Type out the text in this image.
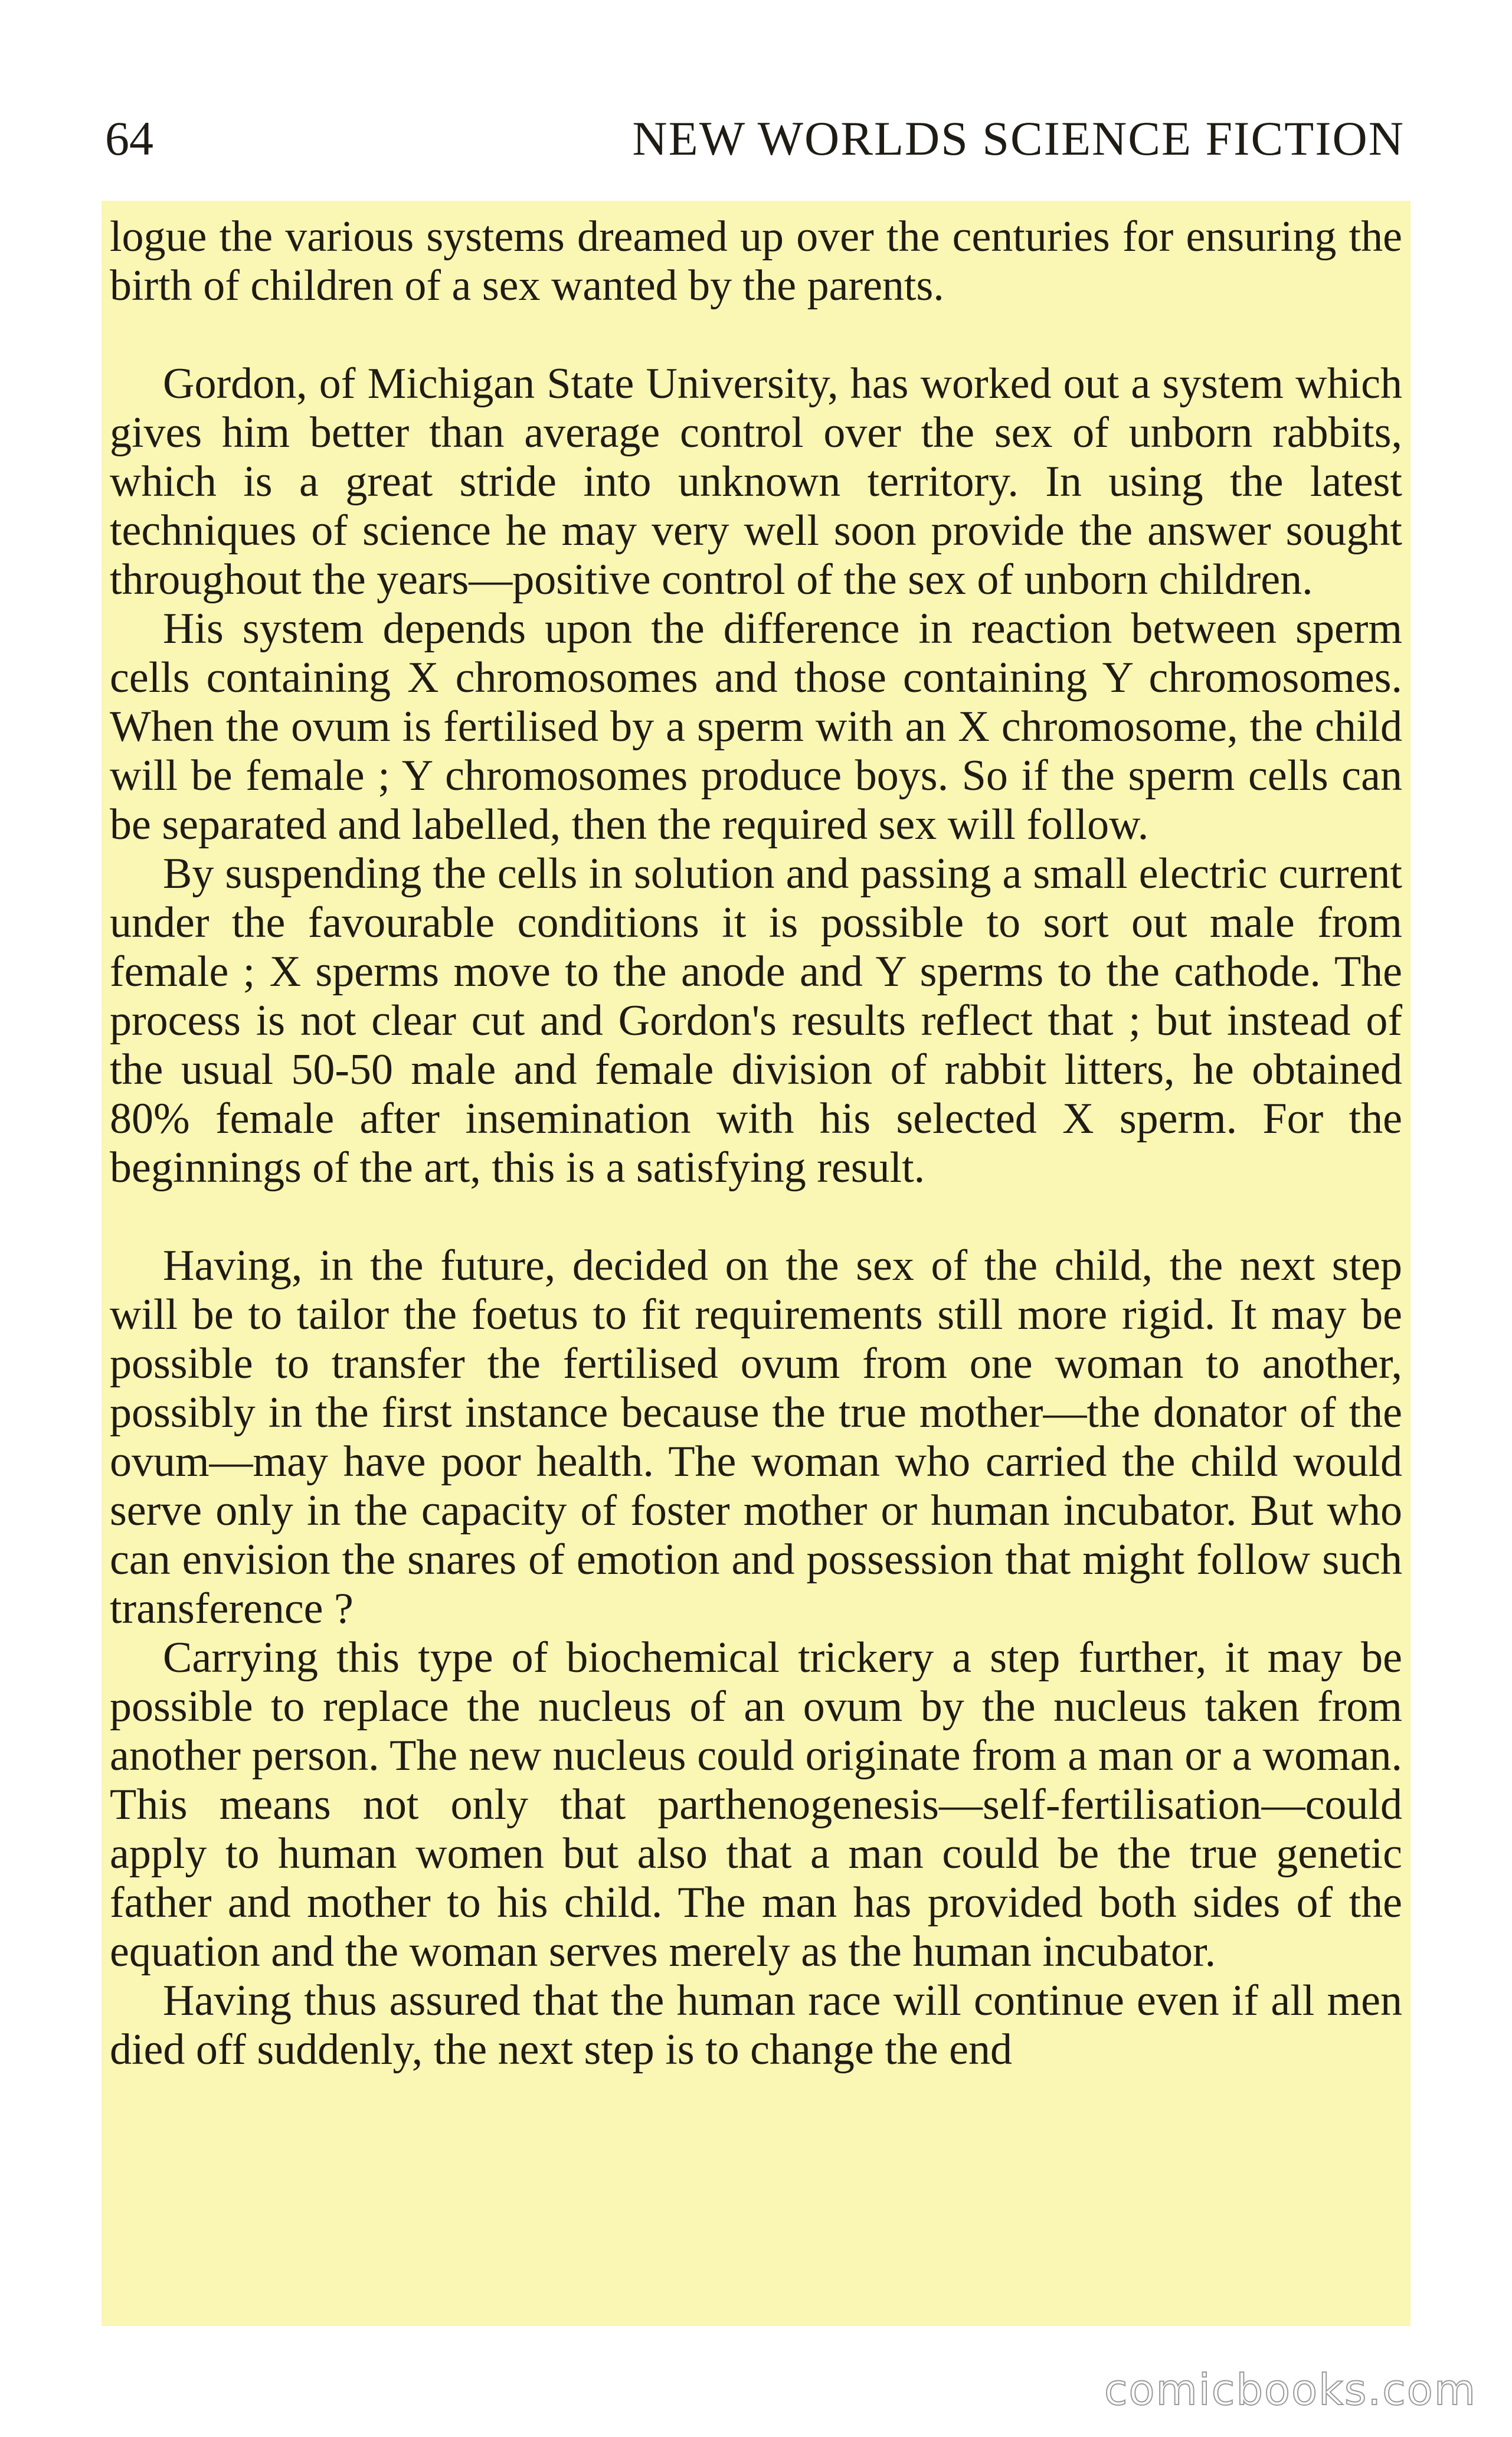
64	NEW WORLDS SCIENCE FICTION

logue the various systems dreamed up over the centuries for ensuring the birth of children of a sex wanted by the parents.

Gordon, of Michigan State University, has worked out a system which gives him better than average control over the sex of unborn rabbits, which is a great stride into unknown territory. In using the latest techniques of science he may very well soon provide the answer sought throughout the years—positive control of the sex of unborn children.

His system depends upon the difference in reaction between sperm cells containing X chromosomes and those containing Y chromosomes. When the ovum is fertilised by a sperm with an X chromosome, the child will be female ; Y chromosomes produce boys. So if the sperm cells can be separated and labelled, then the required sex will follow.

By suspending the cells in solution and passing a small electric current under the favourable conditions it is possible to sort out male from female ; X sperms move to the anode and Y sperms to the cathode. The process is not clear cut and Gordon's results reflect that ; but instead of the usual 50-50 male and female division of rabbit litters, he obtained 80% female after insemination with his selected X sperm. For the beginnings of the art, this is a satisfying result.

Having, in the future, decided on the sex of the child, the next step will be to tailor the foetus to fit requirements still more rigid. It may be possible to transfer the fertilised ovum from one woman to another, possibly in the first instance because the true mother—the donator of the ovum—may have poor health. The woman who carried the child would serve only in the capacity of foster mother or human incubator. But who can envision the snares of emotion and possession that might follow such transference ?

Carrying this type of biochemical trickery a step further, it may be possible to replace the nucleus of an ovum by the nucleus taken from another person. The new nucleus could originate from a man or a woman. This means not only that parthenogenesis—self-fertilisation—could apply to human women but also that a man could be the true genetic father and mother to his child. The man has provided both sides of the equation and the woman serves merely as the human incubator.

Having thus assured that the human race will continue even if all men died off suddenly, the next step is to change the end

comicbooks.com
